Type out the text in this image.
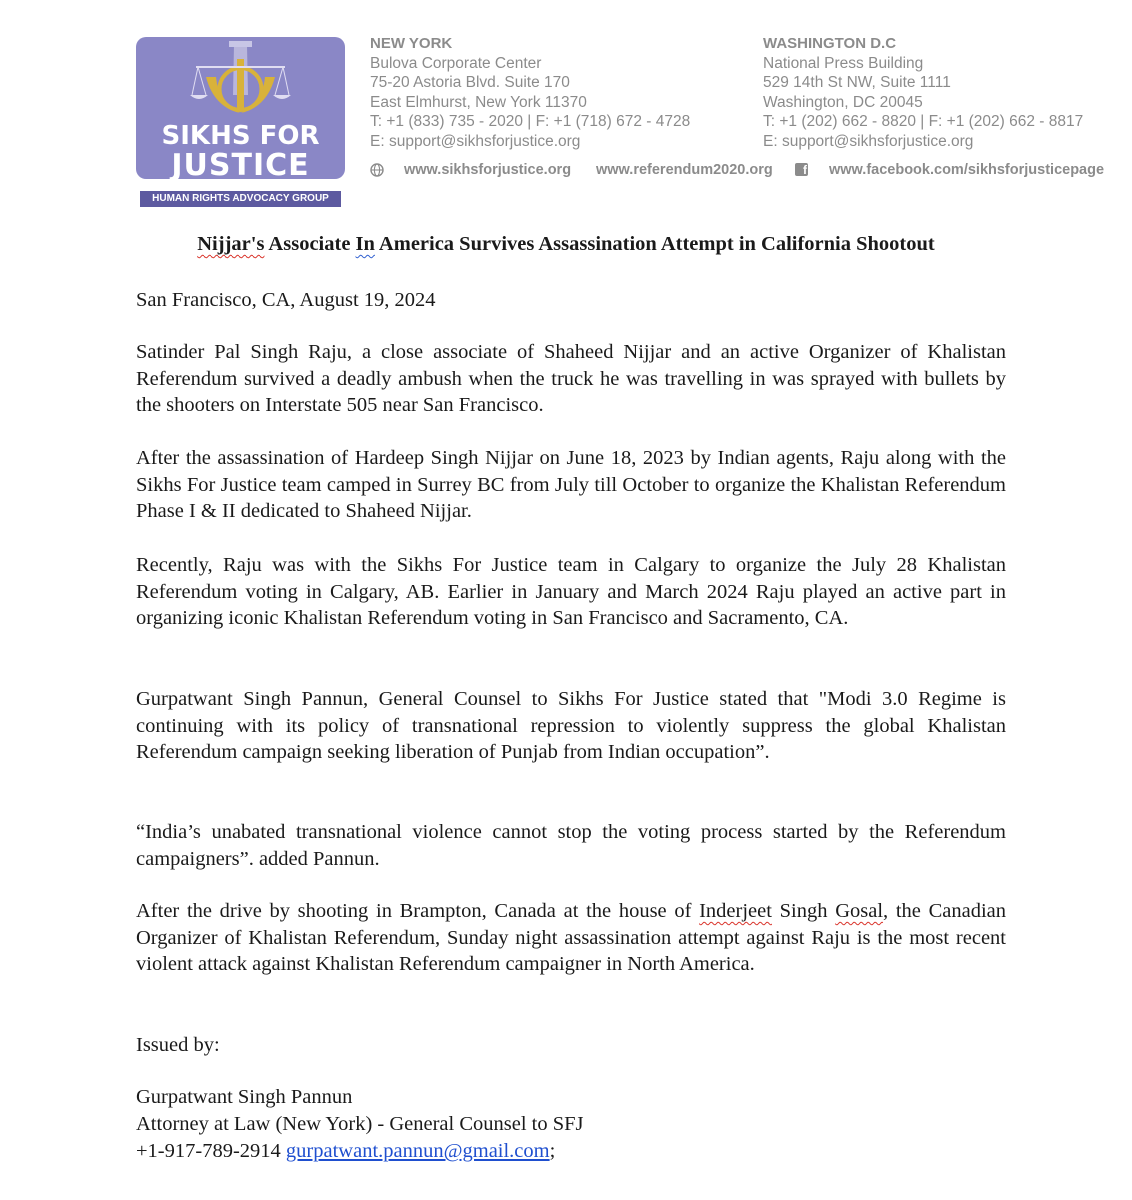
SIKHS FOR
JUSTICE
HUMAN RIGHTS ADVOCACY GROUP
NEW YORK
Bulova Corporate Center
75-20 Astoria Blvd. Suite 170
East Elmhurst, New York 11370
T: +1 (833) 735 - 2020 | F: +1 (718) 672 - 4728
E: support@sikhsforjustice.org
WASHINGTON D.C
National Press Building
529 14th St NW, Suite 1111
Washington, DC 20045
T: +1 (202) 662 - 8820 | F: +1 (202) 662 - 8817
E: support@sikhsforjustice.org
www.sikhsforjustice.org www.referendum2020.org	f www.facebook.com/sikhsforjusticepage
Nijjar's Associate In America Survives Assassination Attempt in California Shootout
San Francisco, CA, August 19, 2024
Satinder Pal Singh Raju, a close associate of Shaheed Nijjar and an active Organizer of Khalistan Referendum survived a deadly ambush when the truck he was travelling in was sprayed with bullets by the shooters on Interstate 505 near San Francisco.
After the assassination of Hardeep Singh Nijjar on June 18, 2023 by Indian agents, Raju along with the Sikhs For Justice team camped in Surrey BC from July till October to organize the Khalistan Referendum Phase I & II dedicated to Shaheed Nijjar.
Recently, Raju was with the Sikhs For Justice team in Calgary to organize the July 28 Khalistan Referendum voting in Calgary, AB. Earlier in January and March 2024 Raju played an active part in organizing iconic Khalistan Referendum voting in San Francisco and Sacramento, CA.
Gurpatwant Singh Pannun, General Counsel to Sikhs For Justice stated that "Modi 3.0 Regime is continuing with its policy of transnational repression to violently suppress the global Khalistan Referendum campaign seeking liberation of Punjab from Indian occupation”.
“India’s unabated transnational violence cannot stop the voting process started by the Referendum campaigners”. added Pannun.
After the drive by shooting in Brampton, Canada at the house of Inderjeet Singh Gosal, the Canadian Organizer of Khalistan Referendum, Sunday night assassination attempt against Raju is the most recent violent attack against Khalistan Referendum campaigner in North America.
Issued by:
Gurpatwant Singh Pannun
Attorney at Law (New York) - General Counsel to SFJ
+1-917-789-2914 gurpatwant.pannun@gmail.com;
